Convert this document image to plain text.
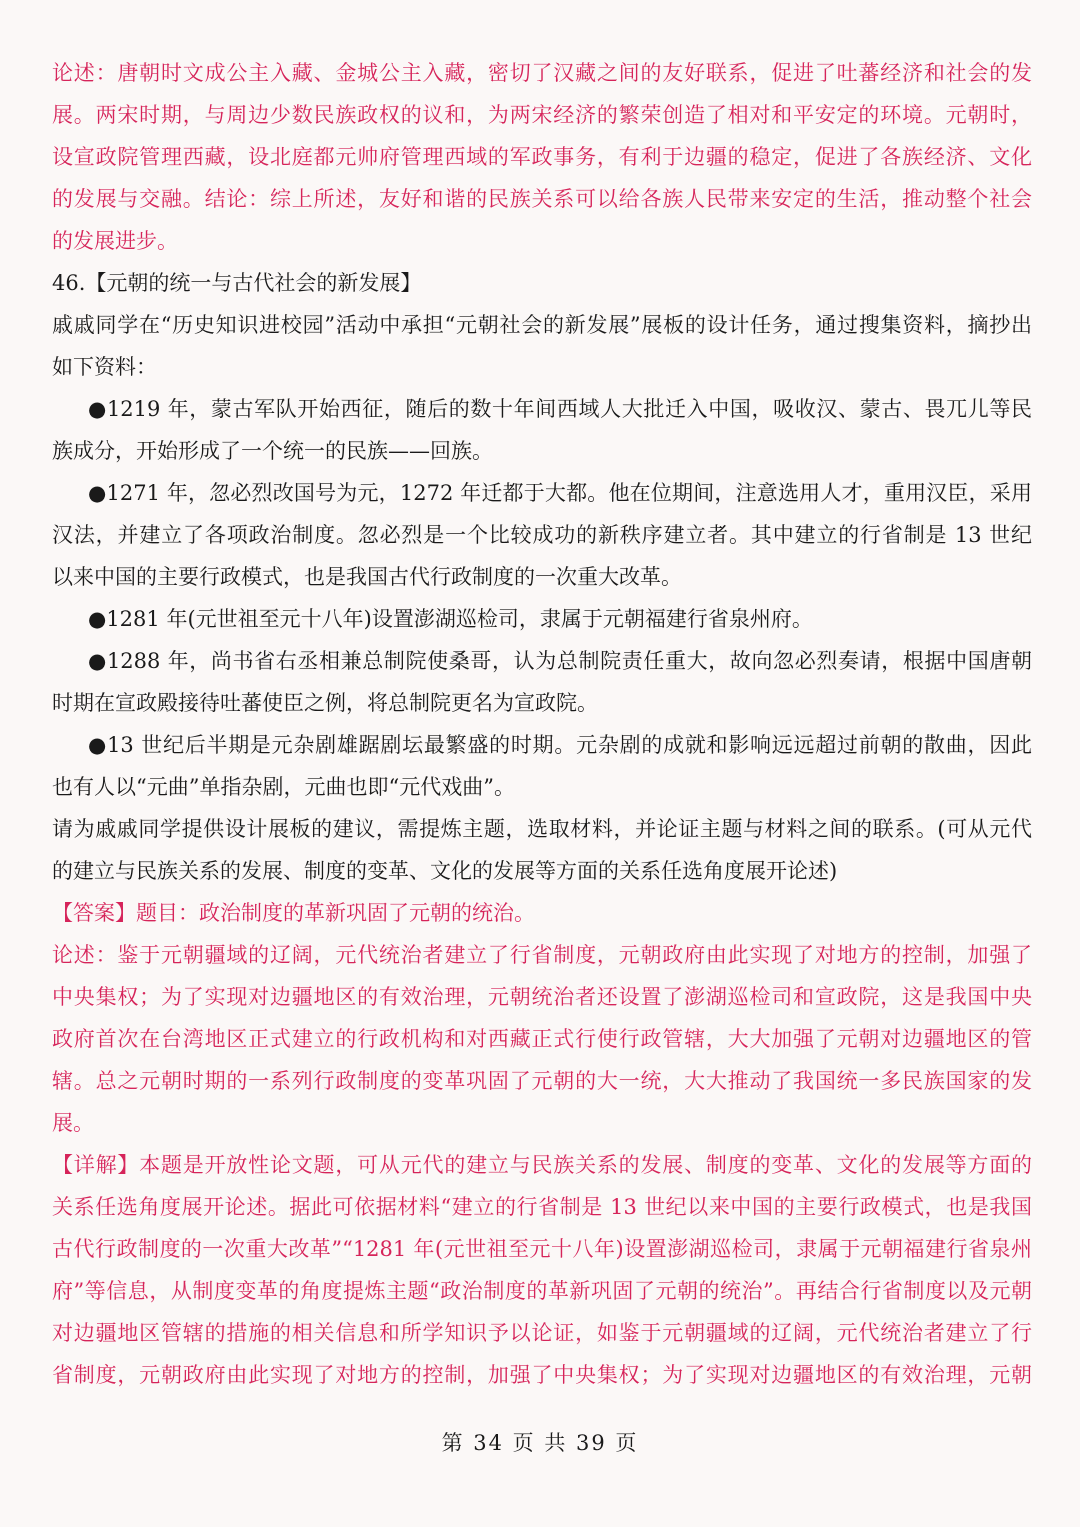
论述：唐朝时文成公主入藏、金城公主入藏，密切了汉藏之间的友好联系，促进了吐蕃经济和社会的发
展。两宋时期，与周边少数民族政权的议和，为两宋经济的繁荣创造了相对和平安定的环境。元朝时，
设宣政院管理西藏，设北庭都元帅府管理西域的军政事务，有利于边疆的稳定，促进了各族经济、文化
的发展与交融。结论：综上所述，友好和谐的民族关系可以给各族人民带来安定的生活，推动整个社会
的发展进步。
46.【元朝的统一与古代社会的新发展】
戚戚同学在“历史知识进校园”活动中承担“元朝社会的新发展”展板的设计任务，通过搜集资料，摘抄出
如下资料：
●1219 年，蒙古军队开始西征，随后的数十年间西域人大批迁入中国，吸收汉、蒙古、畏兀儿等民
族成分，开始形成了一个统一的民族——回族。
●1271 年，忽必烈改国号为元，1272 年迁都于大都。他在位期间，注意选用人才，重用汉臣，采用
汉法，并建立了各项政治制度。忽必烈是一个比较成功的新秩序建立者。其中建立的行省制是 13 世纪
以来中国的主要行政模式，也是我国古代行政制度的一次重大改革。
●1281 年(元世祖至元十八年)设置澎湖巡检司，隶属于元朝福建行省泉州府。
●1288 年，尚书省右丞相兼总制院使桑哥，认为总制院责任重大，故向忽必烈奏请，根据中国唐朝
时期在宣政殿接待吐蕃使臣之例，将总制院更名为宣政院。
●13 世纪后半期是元杂剧雄踞剧坛最繁盛的时期。元杂剧的成就和影响远远超过前朝的散曲，因此
也有人以“元曲”单指杂剧，元曲也即“元代戏曲”。
请为戚戚同学提供设计展板的建议，需提炼主题，选取材料，并论证主题与材料之间的联系。(可从元代
的建立与民族关系的发展、制度的变革、文化的发展等方面的关系任选角度展开论述)
【答案】题目：政治制度的革新巩固了元朝的统治。
论述：鉴于元朝疆域的辽阔，元代统治者建立了行省制度，元朝政府由此实现了对地方的控制，加强了
中央集权；为了实现对边疆地区的有效治理，元朝统治者还设置了澎湖巡检司和宣政院，这是我国中央
政府首次在台湾地区正式建立的行政机构和对西藏正式行使行政管辖，大大加强了元朝对边疆地区的管
辖。总之元朝时期的一系列行政制度的变革巩固了元朝的大一统，大大推动了我国统一多民族国家的发
展。
【详解】本题是开放性论文题，可从元代的建立与民族关系的发展、制度的变革、文化的发展等方面的
关系任选角度展开论述。据此可依据材料“建立的行省制是 13 世纪以来中国的主要行政模式，也是我国
古代行政制度的一次重大改革”“1281 年(元世祖至元十八年)设置澎湖巡检司，隶属于元朝福建行省泉州
府”等信息，从制度变革的角度提炼主题“政治制度的革新巩固了元朝的统治”。再结合行省制度以及元朝
对边疆地区管辖的措施的相关信息和所学知识予以论证，如鉴于元朝疆域的辽阔，元代统治者建立了行
省制度，元朝政府由此实现了对地方的控制，加强了中央集权；为了实现对边疆地区的有效治理，元朝
第 34 页 共 39 页
